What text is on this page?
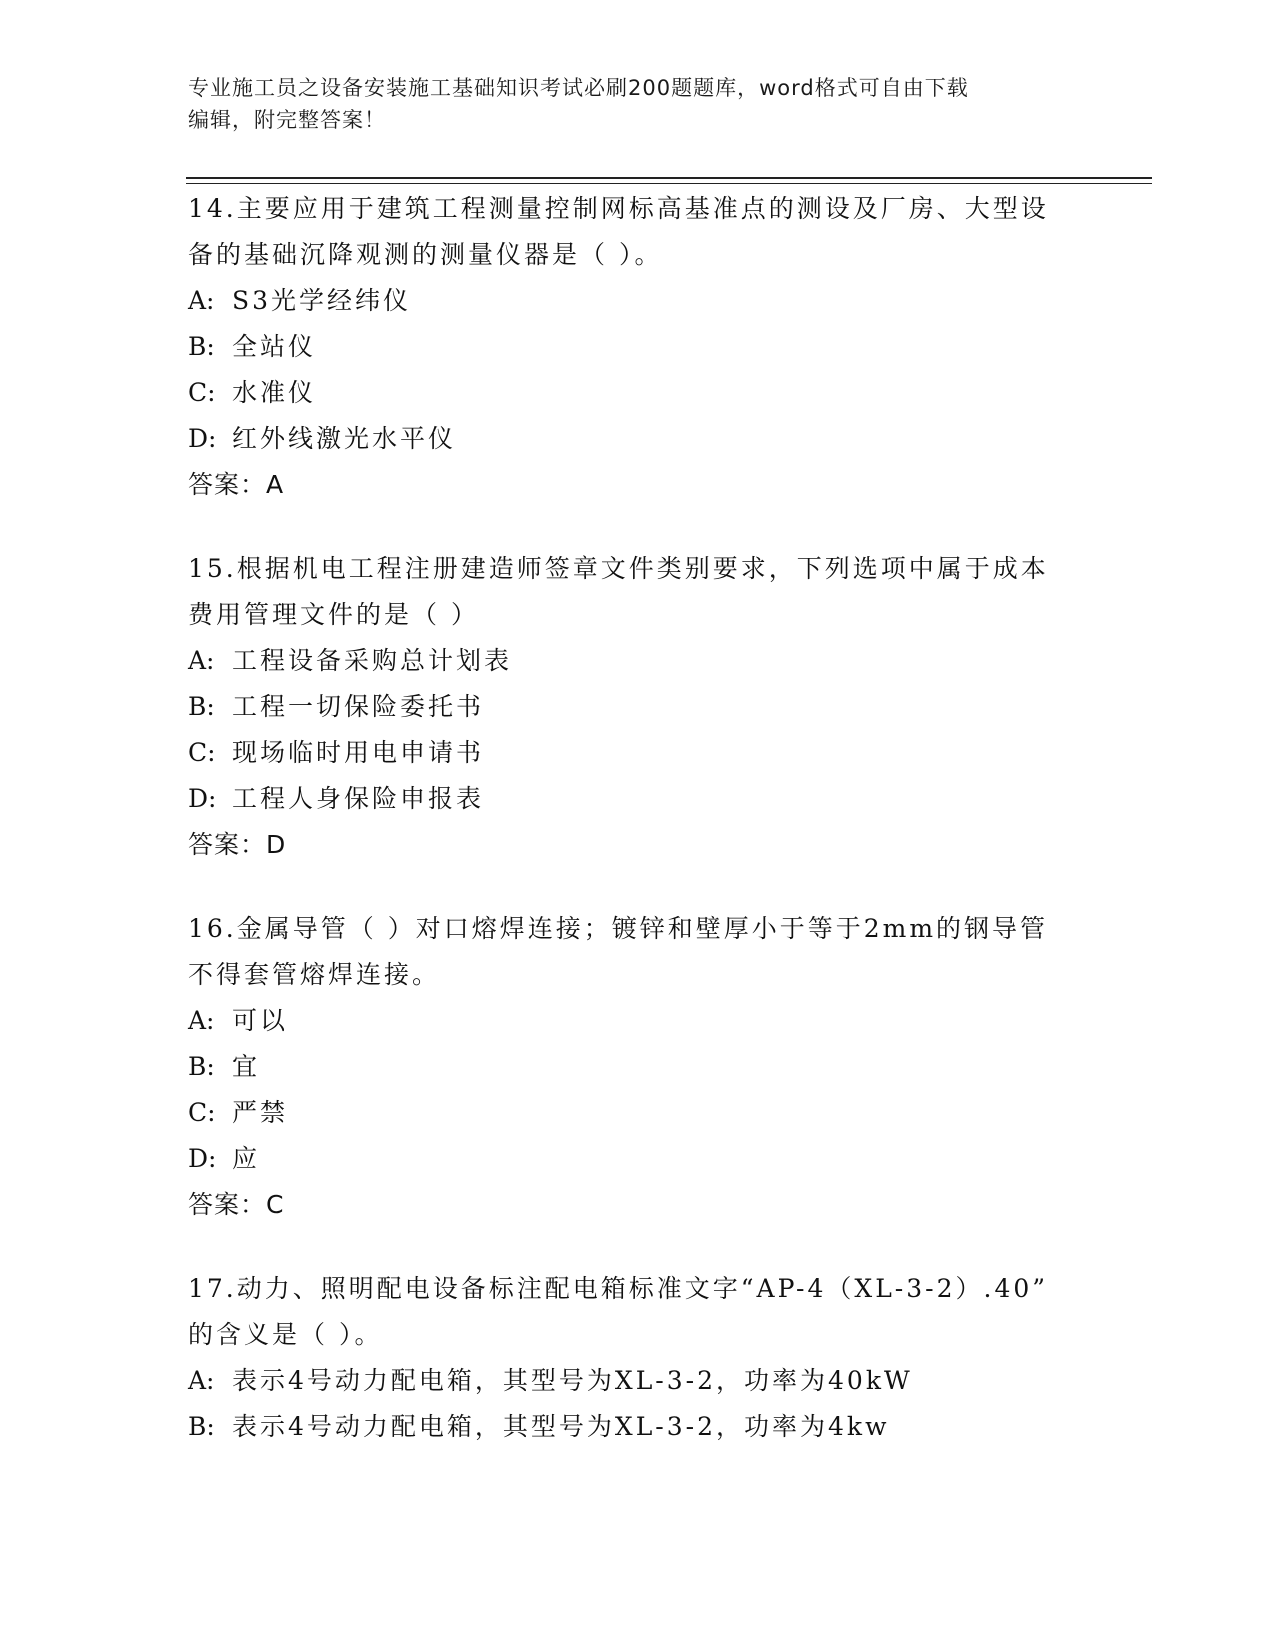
专业施工员之设备安装施工基础知识考试必刷200题题库，word格式可自由下载
编辑，附完整答案！

14.主要应用于建筑工程测量控制网标高基准点的测设及厂房、大型设
备的基础沉降观测的测量仪器是（ ）。

A: S3光学经纬仪

B: 全站仪

C: 水准仪

D: 红外线激光水平仪

答案：A

15.根据机电工程注册建造师签章文件类别要求，下列选项中属于成本
费用管理文件的是（ ）

A: 工程设备采购总计划表

B: 工程一切保险委托书

C: 现场临时用电申请书

D: 工程人身保险申报表

答案：D

16.金属导管（ ）对口熔焊连接；镀锌和壁厚小于等于2mm的钢导管
不得套管熔焊连接。

A: 可以

B: 宜

C: 严禁

D: 应

答案：C

17.动力、照明配电设备标注配电箱标准文字“AP-4（XL-3-2）.40”
的含义是（ ）。

A: 表示4号动力配电箱，其型号为XL-3-2，功率为40kW

B: 表示4号动力配电箱，其型号为XL-3-2，功率为4kw
